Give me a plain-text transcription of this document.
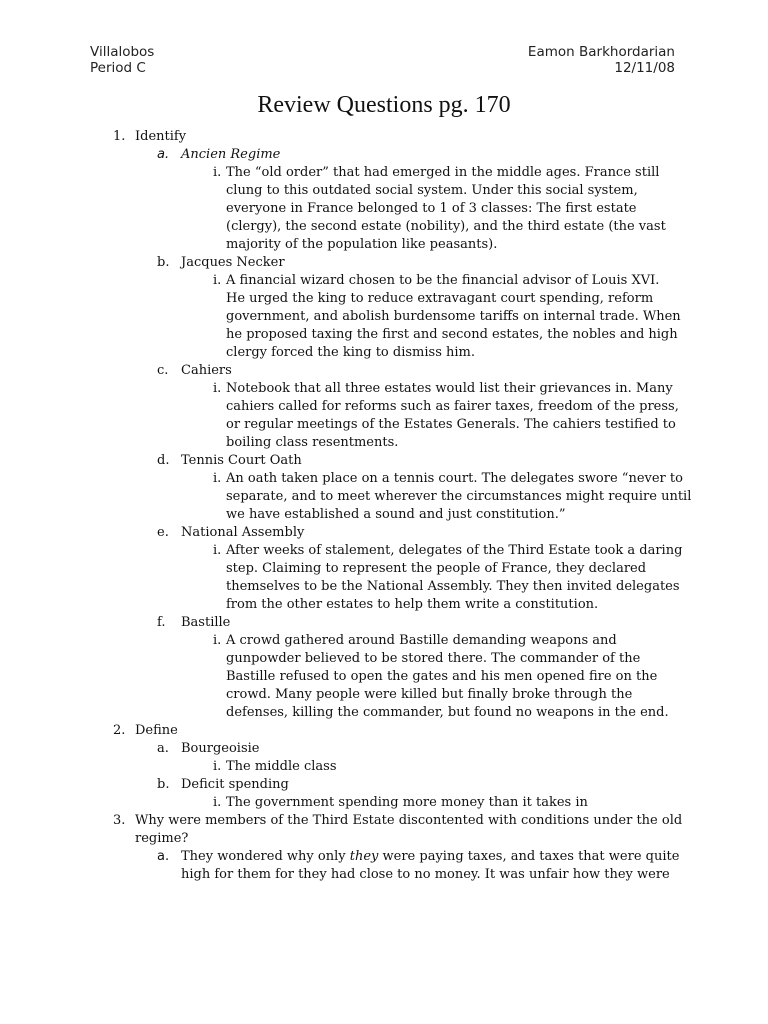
Villalobos
Period C
Eamon Barkhordarian
12/11/08
Review Questions pg. 170
1. Identify
a. Ancien Regime
i. The “old order” that had emerged in the middle ages. France still
clung to this outdated social system. Under this social system,
everyone in France belonged to 1 of 3 classes: The first estate
(clergy), the second estate (nobility), and the third estate (the vast
majority of the population like peasants).
b. Jacques Necker
i. A financial wizard chosen to be the financial advisor of Louis XVI.
He urged the king to reduce extravagant court spending, reform
government, and abolish burdensome tariffs on internal trade. When
he proposed taxing the first and second estates, the nobles and high
clergy forced the king to dismiss him.
c. Cahiers
i. Notebook that all three estates would list their grievances in. Many
cahiers called for reforms such as fairer taxes, freedom of the press,
or regular meetings of the Estates Generals. The cahiers testified to
boiling class resentments.
d. Tennis Court Oath
i. An oath taken place on a tennis court. The delegates swore “never to
separate, and to meet wherever the circumstances might require until
we have established a sound and just constitution.”
e. National Assembly
i. After weeks of stalement, delegates of the Third Estate took a daring
step. Claiming to represent the people of France, they declared
themselves to be the National Assembly. They then invited delegates
from the other estates to help them write a constitution.
f. Bastille
i. A crowd gathered around Bastille demanding weapons and
gunpowder believed to be stored there. The commander of the
Bastille refused to open the gates and his men opened fire on the
crowd. Many people were killed but finally broke through the
defenses, killing the commander, but found no weapons in the end.
2. Define
a. Bourgeoisie
i. The middle class
b. Deficit spending
i. The government spending more money than it takes in
3. Why were members of the Third Estate discontented with conditions under the old
regime?
a. They wondered why only they were paying taxes, and taxes that were quite
high for them for they had close to no money. It was unfair how they were
